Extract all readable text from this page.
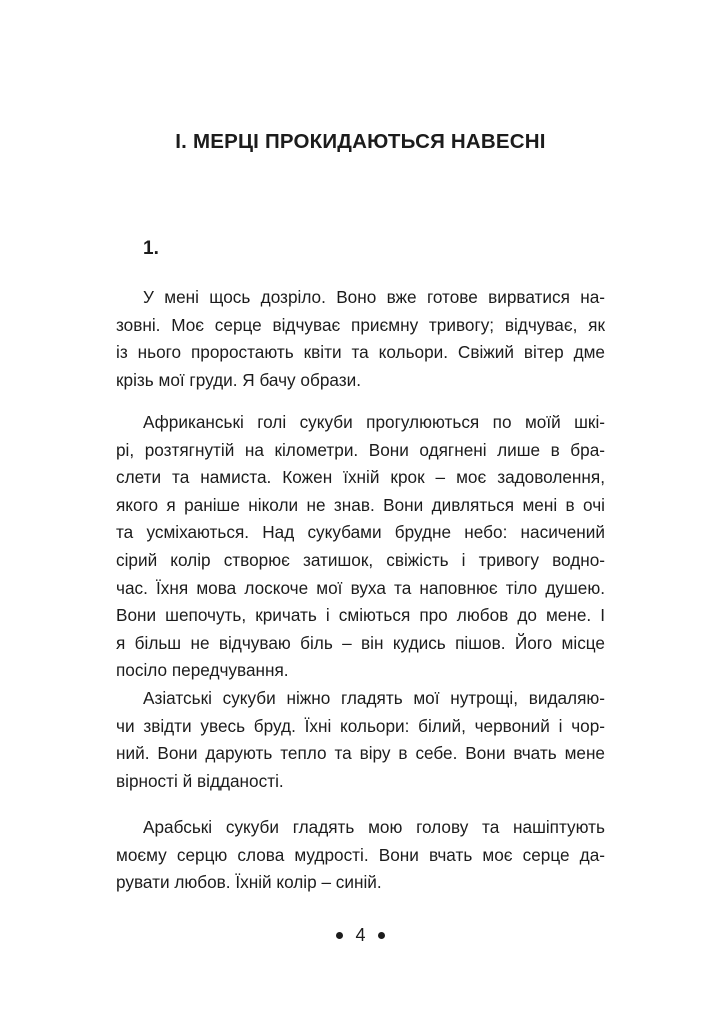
I. МЕРЦІ ПРОКИДАЮТЬСЯ НАВЕСНІ
1.

У мені щось дозріло. Воно вже готове вирватися на-
зовні. Моє серце відчуває приємну тривогу; відчуває, як
із нього проростають квіти та кольори. Свіжий вітер дме
крізь мої груди. Я бачу образи.

Африканські голі сукуби прогулюються по моїй шкі-
рі, розтягнутій на кілометри. Вони одягнені лише в бра-
слети та намиста. Кожен їхній крок – моє задоволення,
якого я раніше ніколи не знав. Вони дивляться мені в очі
та усміхаються. Над сукубами брудне небо: насичений
сірий колір створює затишок, свіжість і тривогу водно-
час. Їхня мова лоскоче мої вуха та наповнює тіло душею.
Вони шепочуть, кричать і сміються про любов до мене. І
я більш не відчуваю біль – він кудись пішов. Його місце
посіло передчування.

Азіатські сукуби ніжно гладять мої нутрощі, видаляю-
чи звідти увесь бруд. Їхні кольори: білий, червоний і чор-
ний. Вони дарують тепло та віру в себе. Вони вчать мене
вірності й відданості.

Арабські сукуби гладять мою голову та нашіптують
моєму серцю слова мудрості. Вони вчать моє серце да-
рувати любов. Їхній колір – синій.

4
